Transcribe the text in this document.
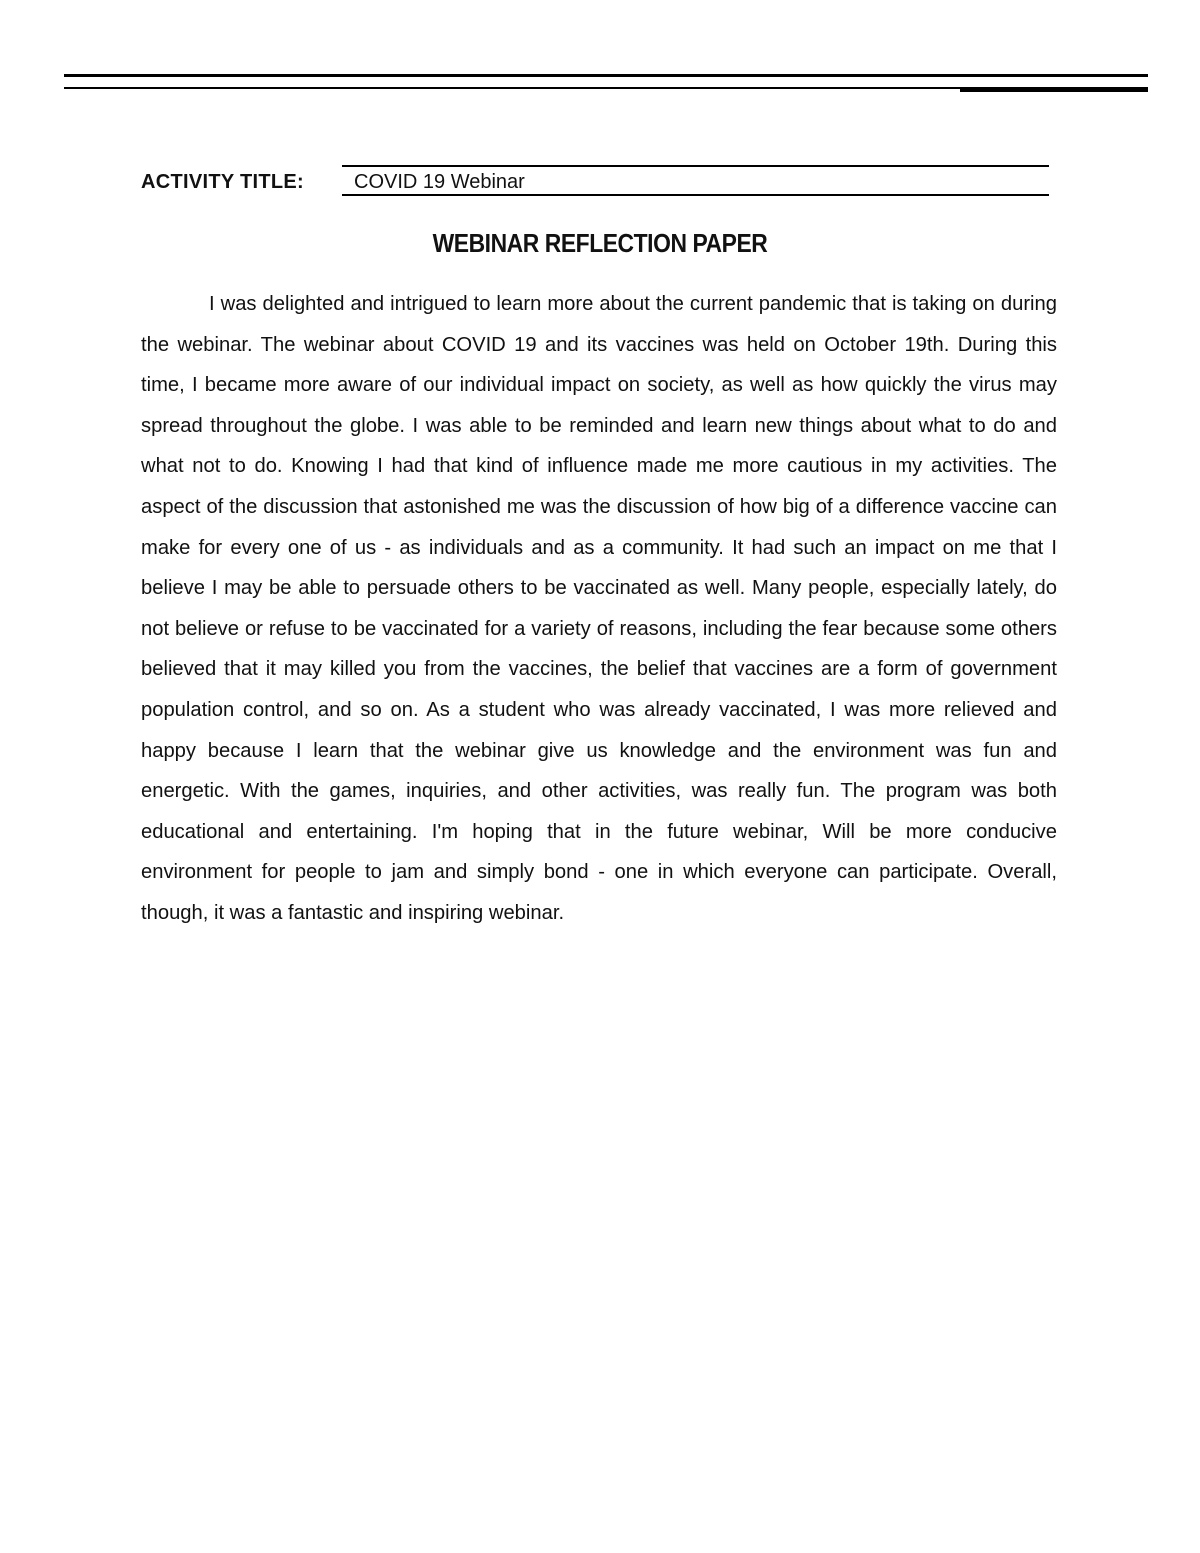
ACTIVITY TITLE: COVID 19 Webinar
WEBINAR REFLECTION PAPER

I was delighted and intrigued to learn more about the current pandemic that is taking on during the webinar. The webinar about COVID 19 and its vaccines was held on October 19th. During this time, I became more aware of our individual impact on society, as well as how quickly the virus may spread throughout the globe. I was able to be reminded and learn new things about what to do and what not to do. Knowing I had that kind of influence made me more cautious in my activities. The aspect of the discussion that astonished me was the discussion of how big of a difference vaccine can make for every one of us - as individuals and as a community. It had such an impact on me that I believe I may be able to persuade others to be vaccinated as well. Many people, especially lately, do not believe or refuse to be vaccinated for a variety of reasons, including the fear because some others believed that it may killed you from the vaccines, the belief that vaccines are a form of government population control, and so on. As a student who was already vaccinated, I was more relieved and happy because I learn that the webinar give us knowledge and the environment was fun and energetic. With the games, inquiries, and other activities, was really fun. The program was both educational and entertaining. I'm hoping that in the future webinar, Will be more conducive environment for people to jam and simply bond - one in which everyone can participate. Overall, though, it was a fantastic and inspiring webinar.
